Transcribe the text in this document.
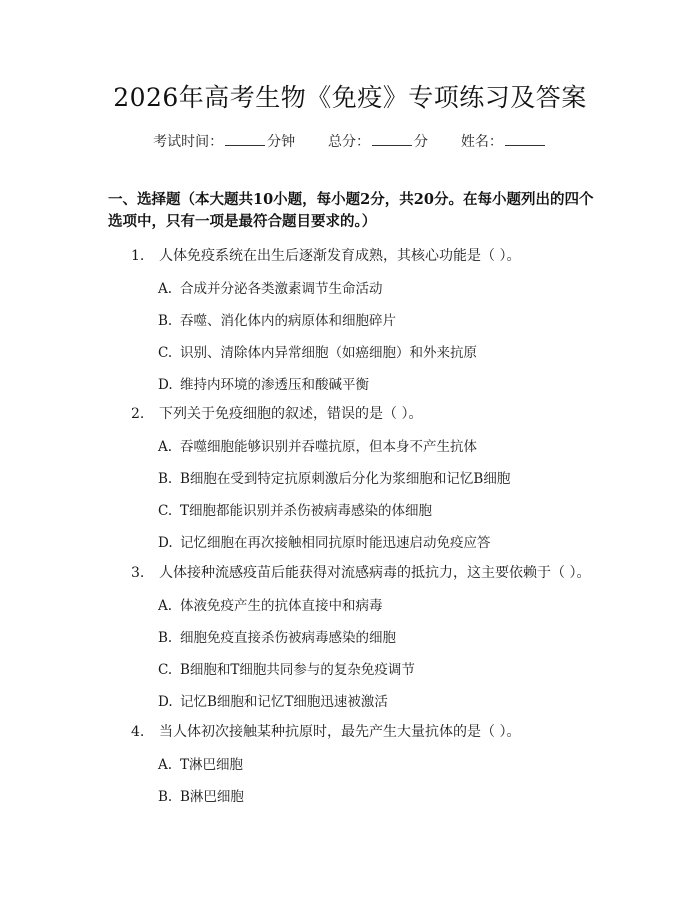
2026年高考生物《免疫》专项练习及答案
考试时间：	分钟 总分：	分 姓名：
一、选择题（本大题共10小题，每小题2分，共20分。在每小题列出的四个选项中，只有一项是最符合题目要求的。）
1. 人体免疫系统在出生后逐渐发育成熟，其核心功能是（ ）。
A. 合成并分泌各类激素调节生命活动
B. 吞噬、消化体内的病原体和细胞碎片
C. 识别、清除体内异常细胞（如癌细胞）和外来抗原
D. 维持内环境的渗透压和酸碱平衡
2. 下列关于免疫细胞的叙述，错误的是（ ）。
A. 吞噬细胞能够识别并吞噬抗原，但本身不产生抗体
B. B细胞在受到特定抗原刺激后分化为浆细胞和记忆B细胞
C. T细胞都能识别并杀伤被病毒感染的体细胞
D. 记忆细胞在再次接触相同抗原时能迅速启动免疫应答
3. 人体接种流感疫苗后能获得对流感病毒的抵抗力，这主要依赖于（ ）。
A. 体液免疫产生的抗体直接中和病毒
B. 细胞免疫直接杀伤被病毒感染的细胞
C. B细胞和T细胞共同参与的复杂免疫调节
D. 记忆B细胞和记忆T细胞迅速被激活
4. 当人体初次接触某种抗原时，最先产生大量抗体的是（ ）。
A. T淋巴细胞
B. B淋巴细胞
